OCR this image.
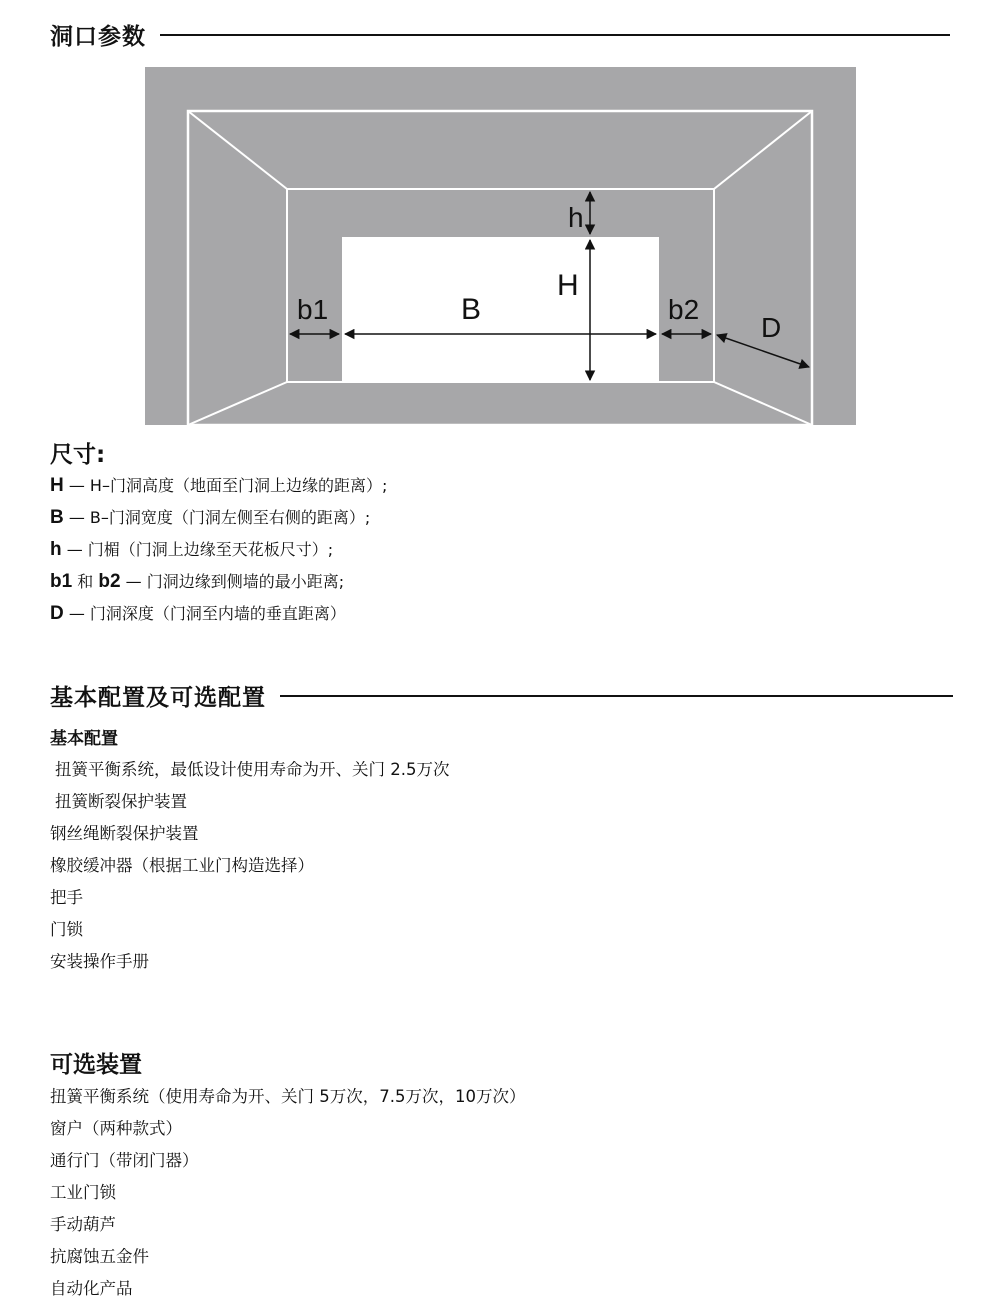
洞口参数
h
H
B
b1	b2
D
尺寸:
H — H–门洞高度（地面至门洞上边缘的距离）;
B — B–门洞宽度（门洞左侧至右侧的距离）;
h — 门楣（门洞上边缘至天花板尺寸）;
b1 和 b2 — 门洞边缘到侧墙的最小距离;
D — 门洞深度（门洞至内墙的垂直距离）
基本配置及可选配置
基本配置
扭簧平衡系统，最低设计使用寿命为开、关门 2.5万次
扭簧断裂保护装置
钢丝绳断裂保护装置
橡胶缓冲器（根据工业门构造选择）
把手
门锁
安装操作手册
可选装置
扭簧平衡系统（使用寿命为开、关门 5万次，7.5万次，10万次）
窗户（两种款式）
通行门（带闭门器）
工业门锁
手动葫芦
抗腐蚀五金件
自动化产品
